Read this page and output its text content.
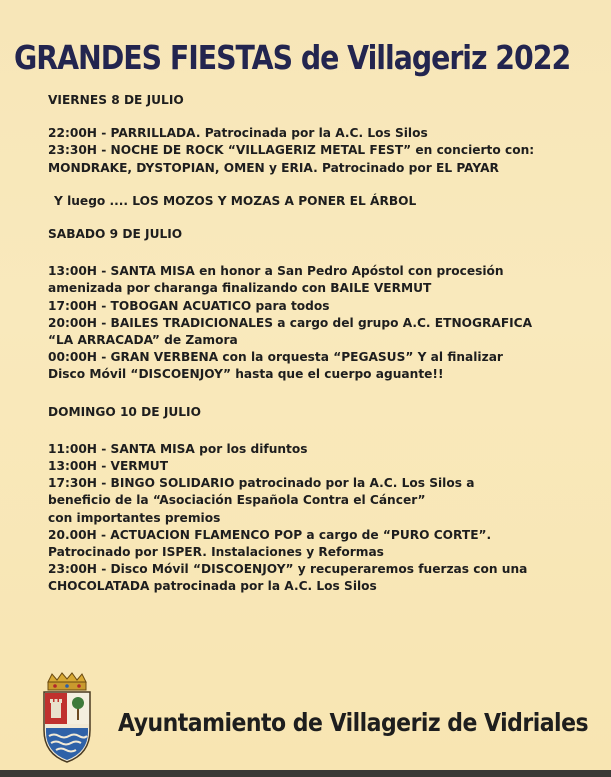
GRANDES FIESTAS de Villageriz 2022

VIERNES 8 DE JULIO

22:00H - PARRILLADA. Patrocinada por la A.C. Los Silos

23:30H - NOCHE DE ROCK “VILLAGERIZ METAL FEST” en concierto con:

MONDRAKE, DYSTOPIAN, OMEN y ERIA. Patrocinado por EL PAYAR

Y luego .... LOS MOZOS Y MOZAS A PONER EL ÁRBOL

SABADO 9 DE JULIO

13:00H - SANTA MISA en honor a San Pedro Apóstol con procesión

amenizada por charanga finalizando con BAILE VERMUT

17:00H - TOBOGAN ACUATICO para todos

20:00H - BAILES TRADICIONALES a cargo del grupo A.C. ETNOGRAFICA

“LA ARRACADA” de Zamora

00:00H - GRAN VERBENA con la orquesta “PEGASUS” Y al finalizar

Disco Móvil “DISCOENJOY” hasta que el cuerpo aguante!!

DOMINGO 10 DE JULIO

11:00H - SANTA MISA por los difuntos

13:00H - VERMUT

17:30H - BINGO SOLIDARIO patrocinado por la A.C. Los Silos a

beneficio de la “Asociación Española Contra el Cáncer”

con importantes premios

20.00H - ACTUACION FLAMENCO POP a cargo de “PURO CORTE”.

Patrocinado por ISPER. Instalaciones y Reformas

23:00H - Disco Móvil “DISCOENJOY” y recuperaremos fuerzas con una

CHOCOLATADA patrocinada por la A.C. Los Silos

Ayuntamiento de Villageriz de Vidriales
